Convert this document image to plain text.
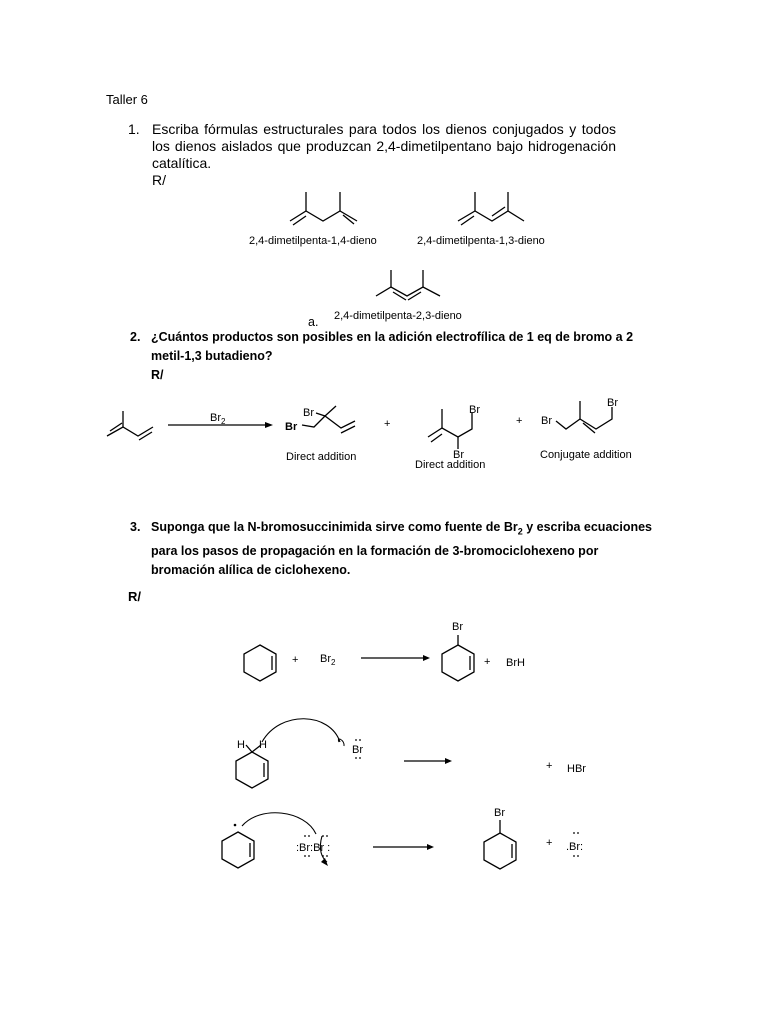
Taller 6
1. Escriba fórmulas estructurales para todos los dienos conjugados y todos los dienos aislados que produzcan 2,4-dimetilpentano bajo hidrogenación catalítica.
R/
2. ¿Cuántos productos son posibles en la adición electrofílica de 1 eq de bromo a 2 metil-1,3 butadieno?
R/
3. Suponga que la N-bromosuccinimida sirve como fuente de $Br_2$ y escriba ecuaciones para los pasos de propagación en la formación de 3-bromociclohexeno por bromación alílica de ciclohexeno.
R/
2,4-dimetilpenta-1,4-dieno	2,4-dimetilpenta-1,3-dieno
2,4-dimetilpenta-2,3-dieno
a.
$Br_2$	Br
Br
Direct addition
+
Br
Br
Direct addition
+ Br
Br
Conjugate addition
+ $Br_2$
Br
+ BrH
H H	Br
+ HBr
:Br:Br :
Br
+ .Br:
